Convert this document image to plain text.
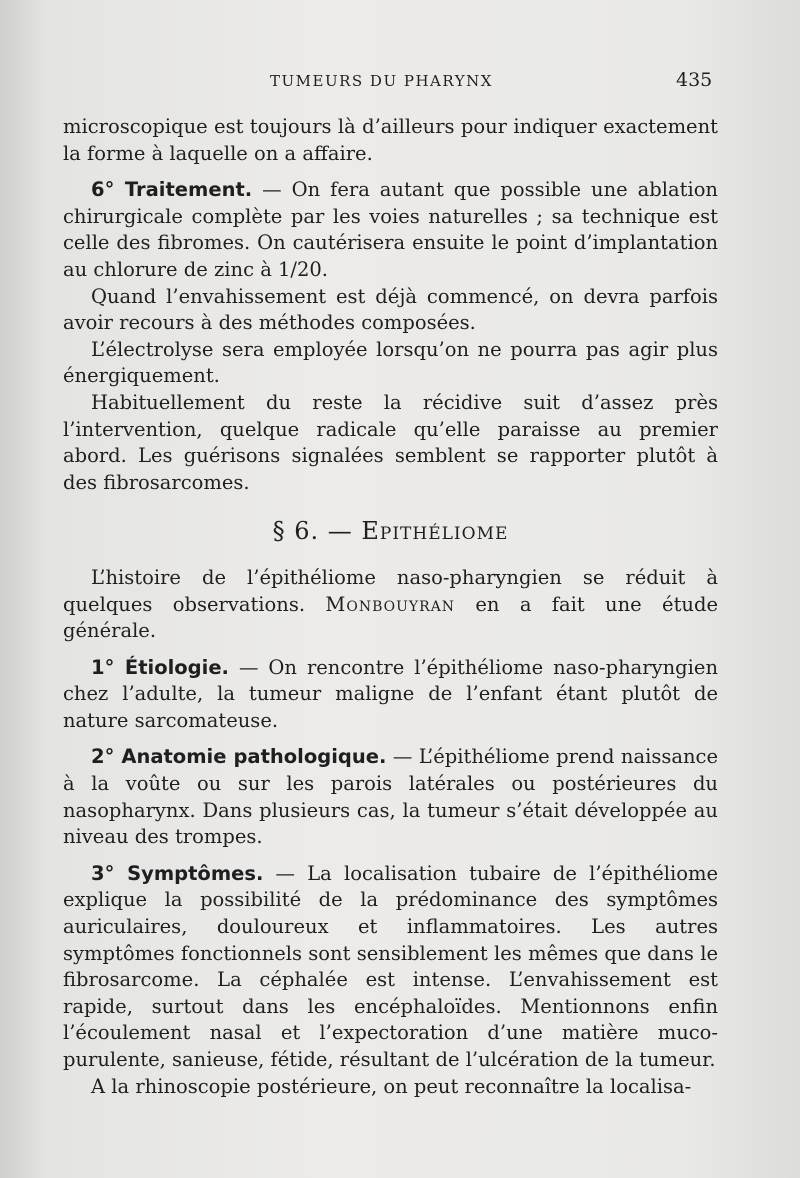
TUMEURS DU PHARYNX	435

microscopique est toujours là d’ailleurs pour indiquer exactement la forme à laquelle on a affaire.

6° Traitement. — On fera autant que possible une ablation chirurgicale complète par les voies naturelles ; sa technique est celle des fibromes. On cautérisera ensuite le point d’implantation au chlorure de zinc à 1/20.

Quand l’envahissement est déjà commencé, on devra parfois avoir recours à des méthodes composées.

L’électrolyse sera employée lorsqu’on ne pourra pas agir plus énergiquement.

Habituellement du reste la récidive suit d’assez près l’intervention, quelque radicale qu’elle paraisse au premier abord. Les guérisons signalées semblent se rapporter plutôt à des fibrosarcomes.

§ 6. — Epithéliome

L’histoire de l’épithéliome naso-pharyngien se réduit à quelques observations. Monbouyran en a fait une étude générale.

1° Étiologie. — On rencontre l’épithéliome naso-pharyngien chez l’adulte, la tumeur maligne de l’enfant étant plutôt de nature sarcomateuse.

2° Anatomie pathologique. — L’épithéliome prend naissance à la voûte ou sur les parois latérales ou postérieures du nasopharynx. Dans plusieurs cas, la tumeur s’était développée au niveau des trompes.

3° Symptômes. — La localisation tubaire de l’épithéliome explique la possibilité de la prédominance des symptômes auriculaires, douloureux et inflammatoires. Les autres symptômes fonctionnels sont sensiblement les mêmes que dans le fibrosarcome. La céphalée est intense. L’envahissement est rapide, surtout dans les encéphaloïdes. Mentionnons enfin l’écoulement nasal et l’expectoration d’une matière muco-purulente, sanieuse, fétide, résultant de l’ulcération de la tumeur.

A la rhinoscopie postérieure, on peut reconnaître la localisa-
